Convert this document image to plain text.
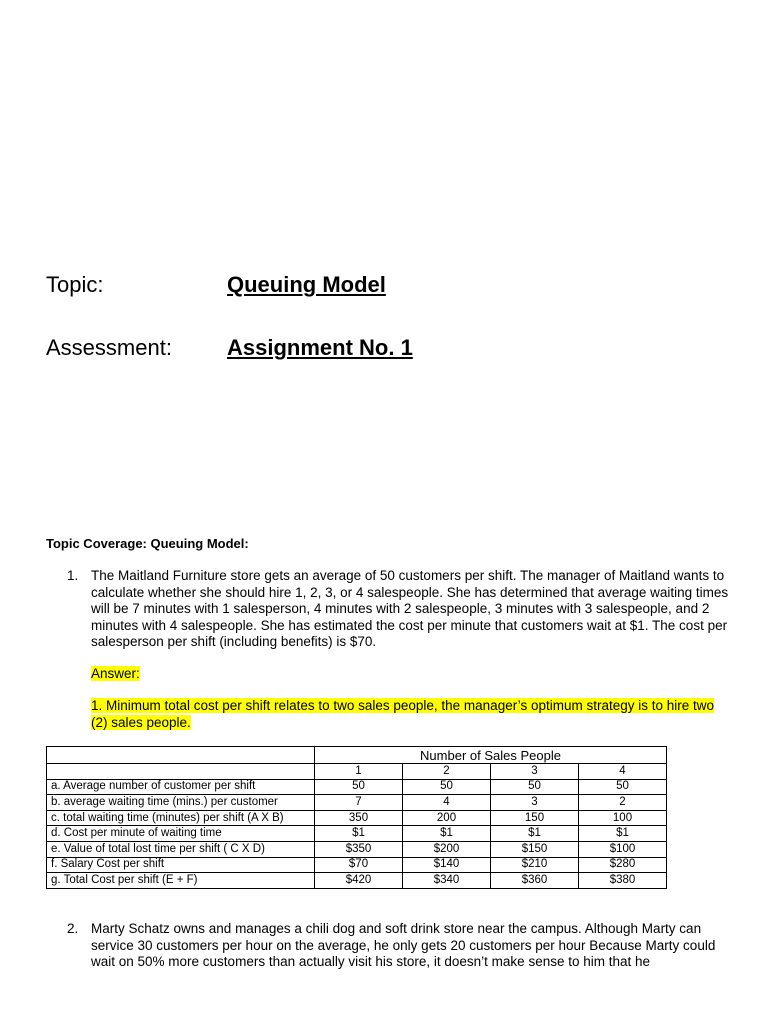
Topic:	Queuing Model
Assessment:	Assignment No. 1
Topic Coverage: Queuing Model:
1. The Maitland Furniture store gets an average of 50 customers per shift. The manager of Maitland wants to calculate whether she should hire 1, 2, 3, or 4 salespeople. She has determined that average waiting times will be 7 minutes with 1 salesperson, 4 minutes with 2 salespeople, 3 minutes with 3 salespeople, and 2 minutes with 4 salespeople. She has estimated the cost per minute that customers wait at $1. The cost per salesperson per shift (including benefits) is $70.
Answer:
1. Minimum total cost per shift relates to two sales people, the manager’s optimum strategy is to hire two (2) sales people.
	Number of Sales People			
	1	2	3	4
a. Average number of customer per shift	50	50	50	50
b. average waiting time (mins.) per customer	7	4	3	2
c. total waiting time (minutes) per shift (A X B)	350	200	150	100
d. Cost per minute of waiting time	$1	$1	$1	$1
e. Value of total lost time per shift ( C X D)	$350	$200	$150	$100
f. Salary Cost per shift	$70	$140	$210	$280
g. Total Cost per shift (E + F)	$420	$340	$360	$380
2. Marty Schatz owns and manages a chili dog and soft drink store near the campus. Although Marty can service 30 customers per hour on the average, he only gets 20 customers per hour Because Marty could wait on 50% more customers than actually visit his store, it doesn’t make sense to him that he
